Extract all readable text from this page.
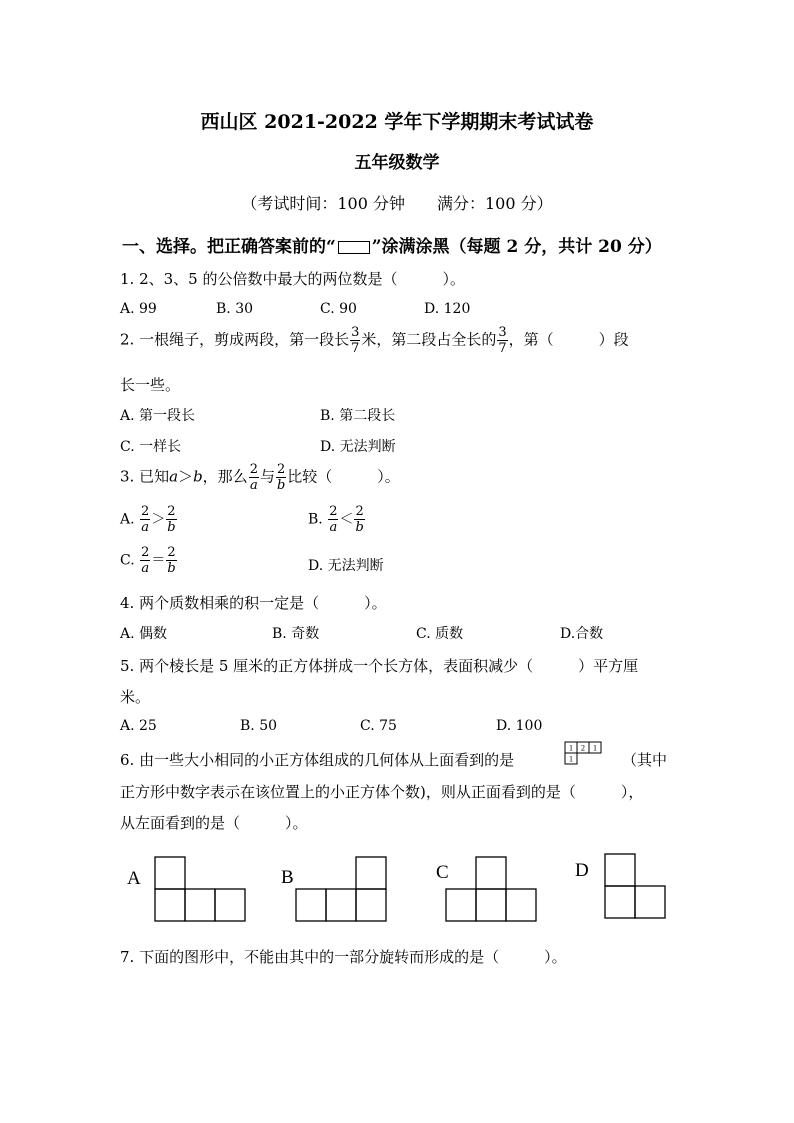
西山区 2021-2022 学年下学期期末考试试卷
五年级数学
（考试时间：100 分钟　　满分：100 分）
一、选择。把正确答案前的“ ”涂满涂黑（每题 2 分，共计 20 分）
1. 2、3、5 的公倍数中最大的两位数是（　　　）。
A. 99	B. 30	C. 90	D. 120
2. 一根绳子，剪成两段，第一段长 $\frac{3}{7}$ 米，第二段占全长的 $\frac{3}{7}$ ，第（　　　）段
长一些。
A. 第一段长	B. 第二段长
C. 一样长	D. 无法判断
3. 已知a＞b，那么 $\frac{2}{a}$ 与 $\frac{2}{b}$ 比较（　　　）。
A. $\frac{2}{a} > \frac{2}{b}$	B. $\frac{2}{a} < \frac{2}{b}$
C. $\frac{2}{a} = \frac{2}{b}$	D. 无法判断
4. 两个质数相乘的积一定是（　　　）。
A. 偶数	B. 奇数	C. 质数	D.合数
5. 两个棱长是 5 厘米的正方体拼成一个长方体，表面积减少（　　　）平方厘
米。
A. 25	B. 50	C. 75	D. 100
6. 由一些大小相同的小正方体组成的几何体从上面看到的是
1 2 1
1	（其中
正方形中数字表示在该位置上的小正方体个数)，则从正面看到的是（　　　），
从左面看到的是（　　　）。
A	B	C	D
7. 下面的图形中，不能由其中的一部分旋转而形成的是（　　　）。
